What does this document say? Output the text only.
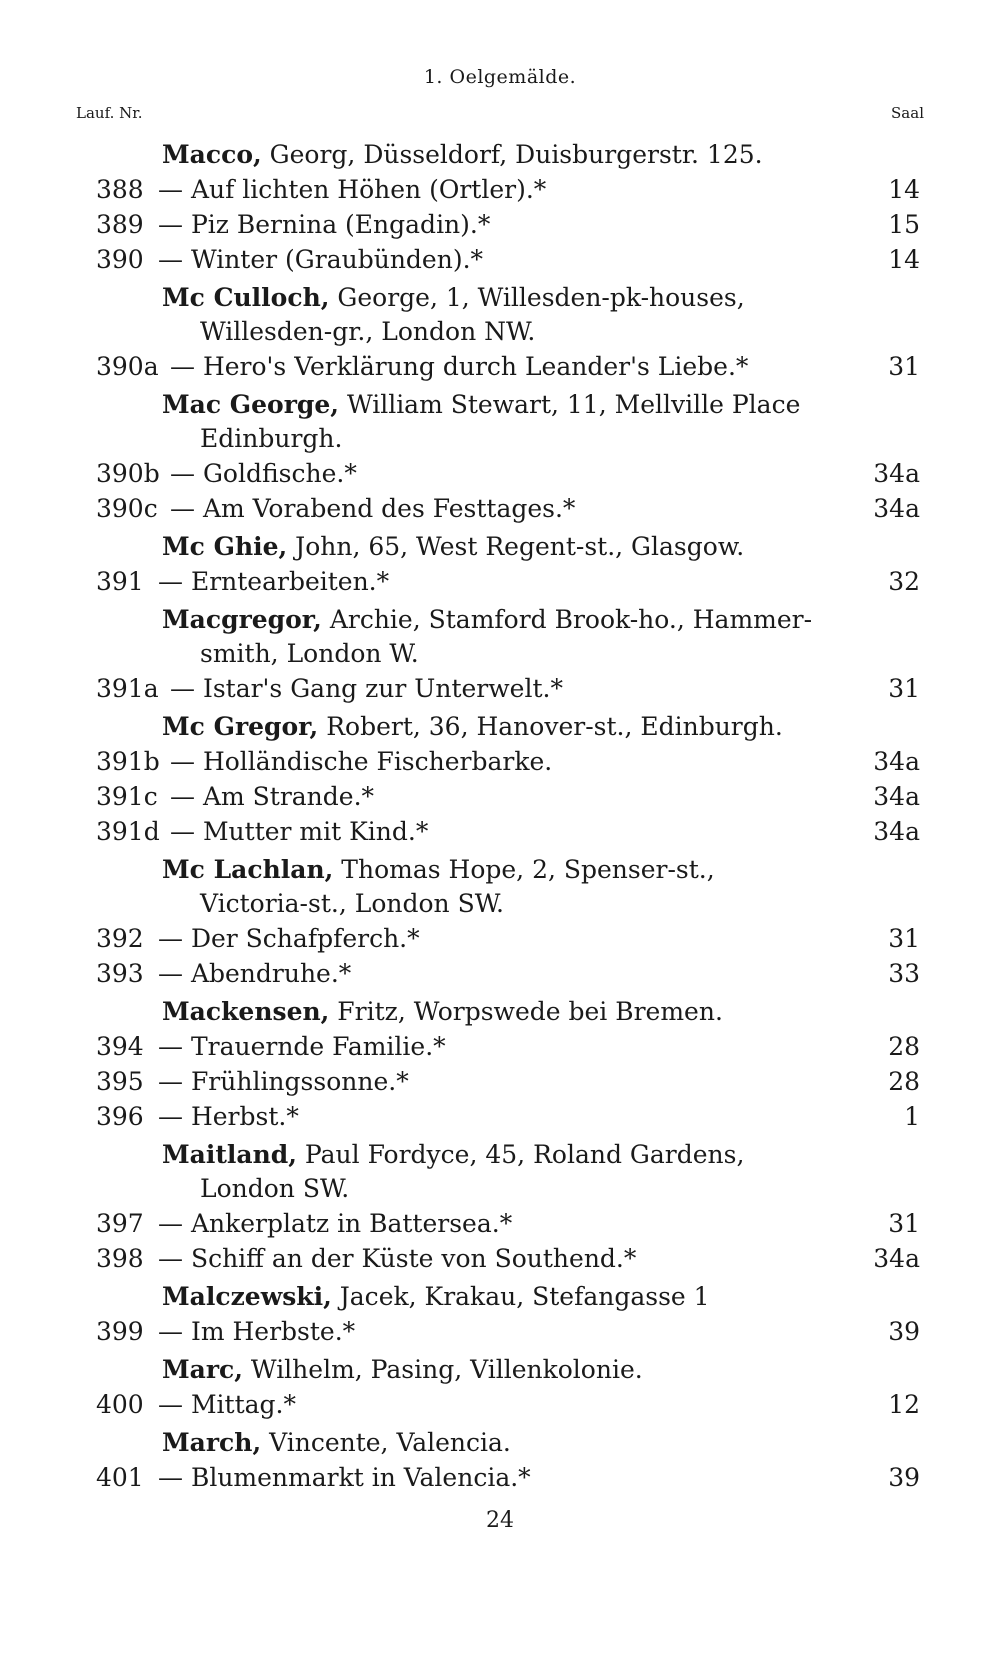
1. Oelgemälde.
Lauf. Nr.	Saal
Macco, Georg, Düsseldorf, Duisburgerstr. 125.
388 — Auf lichten Höhen (Ortler).*	14
389 — Piz Bernina (Engadin).*	15
390 — Winter (Graubünden).*	14
Mc Culloch, George, 1, Willesden-pk-houses,
Willesden-gr., London NW.
390a — Hero's Verklärung durch Leander's Liebe.*	31
Mac George, William Stewart, 11, Mellville Place
Edinburgh.
390b — Goldfische.*	34a
390c — Am Vorabend des Festtages.*	34a
Mc Ghie, John, 65, West Regent-st., Glasgow.
391 — Erntearbeiten.*	32
Macgregor, Archie, Stamford Brook-ho., Hammer-
smith, London W.
391a — Istar's Gang zur Unterwelt.*	31
Mc Gregor, Robert, 36, Hanover-st., Edinburgh.
391b — Holländische Fischerbarke.	34a
391c — Am Strande.*	34a
391d — Mutter mit Kind.*	34a
Mc Lachlan, Thomas Hope, 2, Spenser-st.,
Victoria-st., London SW.
392 — Der Schafpferch.*	31
393 — Abendruhe.*	33
Mackensen, Fritz, Worpswede bei Bremen.
394 — Trauernde Familie.*	28
395 — Frühlingssonne.*	28
396 — Herbst.*	1
Maitland, Paul Fordyce, 45, Roland Gardens,
London SW.
397 — Ankerplatz in Battersea.*	31
398 — Schiff an der Küste von Southend.*	34a
Malczewski, Jacek, Krakau, Stefangasse 1
399 — Im Herbste.*	39
Marc, Wilhelm, Pasing, Villenkolonie.
400 — Mittag.*	12
March, Vincente, Valencia.
401 — Blumenmarkt in Valencia.*	39
24
